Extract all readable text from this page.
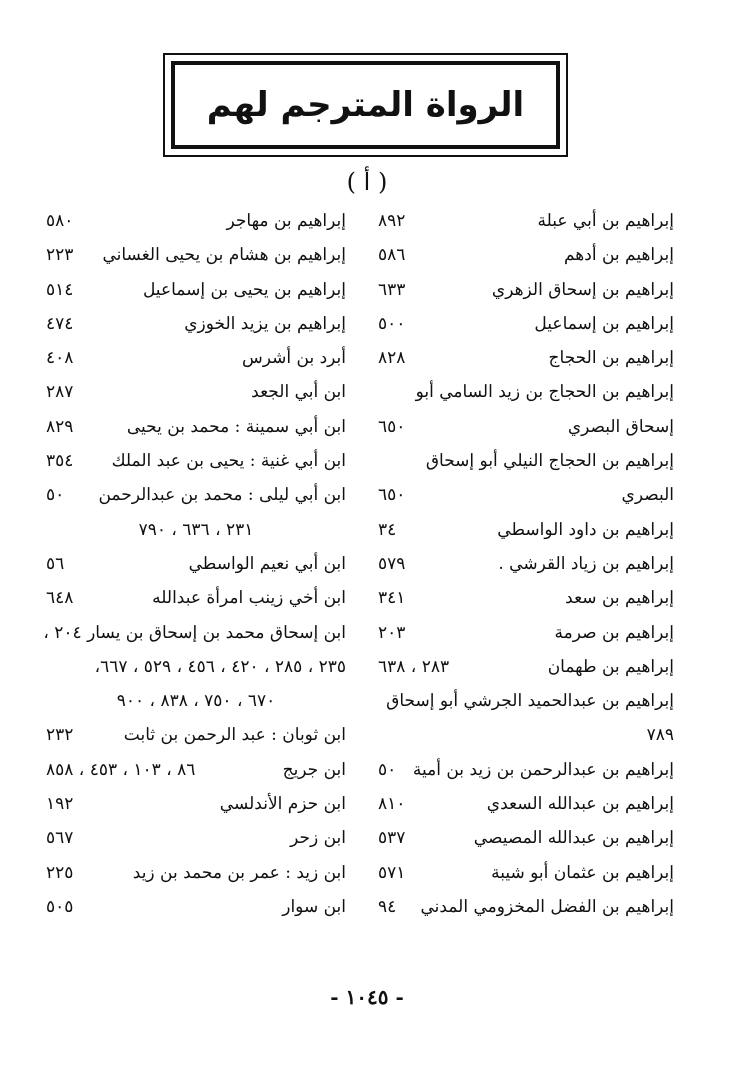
الرواة المترجم لهم
( أ )
إبراهيم بن أبي عبلة
٨٩٢
إبراهيم بن أدهم
٥٨٦
إبراهيم بن إسحاق الزهري
٦٣٣
إبراهيم بن إسماعيل
٥٠٠
إبراهيم بن الحجاج
٨٢٨
إبراهيم بن الحجاج بن زيد السامي أبو
إسحاق البصري
٦٥٠
إبراهيم بن الحجاج النيلي أبو إسحاق
البصري
٦٥٠
إبراهيم بن داود الواسطي
٣٤
إبراهيم بن زياد القرشي .
٥٧٩
إبراهيم بن سعد
٣٤١
إبراهيم بن صرمة
٢٠٣
إبراهيم بن طهمان
٢٨٣ ، ٦٣٨
إبراهيم بن عبدالحميد الجرشي أبو إسحاق
٧٨٩
إبراهيم بن عبدالرحمن بن زيد بن أمية
٥٠
إبراهيم بن عبدالله السعدي
٨١٠
إبراهيم بن عبدالله المصيصي
٥٣٧
إبراهيم بن عثمان أبو شيبة
٥٧١
إبراهيم بن الفضل المخزومي المدني
٩٤
إبراهيم بن مهاجر
٥٨٠
إبراهيم بن هشام بن يحيى الغساني
٢٢٣
إبراهيم بن يحيى بن إسماعيل
٥١٤
إبراهيم بن يزيد الخوزي
٤٧٤
أبرد بن أشرس
٤٠٨
ابن أبي الجعد
٢٨٧
ابن أبي سمينة : محمد بن يحيى
٨٢٩
ابن أبي غنية : يحيى بن عبد الملك
٣٥٤
ابن أبي ليلى : محمد بن عبدالرحمن
٥٠
٢٣١ ، ٦٣٦ ، ٧٩٠
ابن أبي نعيم الواسطي
٥٦
ابن أخي زينب امرأة عبدالله
٦٤٨
ابن إسحاق محمد بن إسحاق بن يسار ٢٠٤ ،
٢٣٥ ، ٢٨٥ ، ٤٢٠ ، ٤٥٦ ، ٥٢٩ ، ٦٦٧،
٦٧٠ ، ٧٥٠ ، ٨٣٨ ، ٩٠٠
ابن ثوبان : عبد الرحمن بن ثابت
٢٣٢
ابن جريج
٨٦ ، ١٠٣ ، ٤٥٣ ، ٨٥٨
ابن حزم الأندلسي
١٩٢
ابن زحر
٥٦٧
ابن زيد : عمر بن محمد بن زيد
٢٢٥
ابن سوار
٥٠٥
- ١٠٤٥ -
